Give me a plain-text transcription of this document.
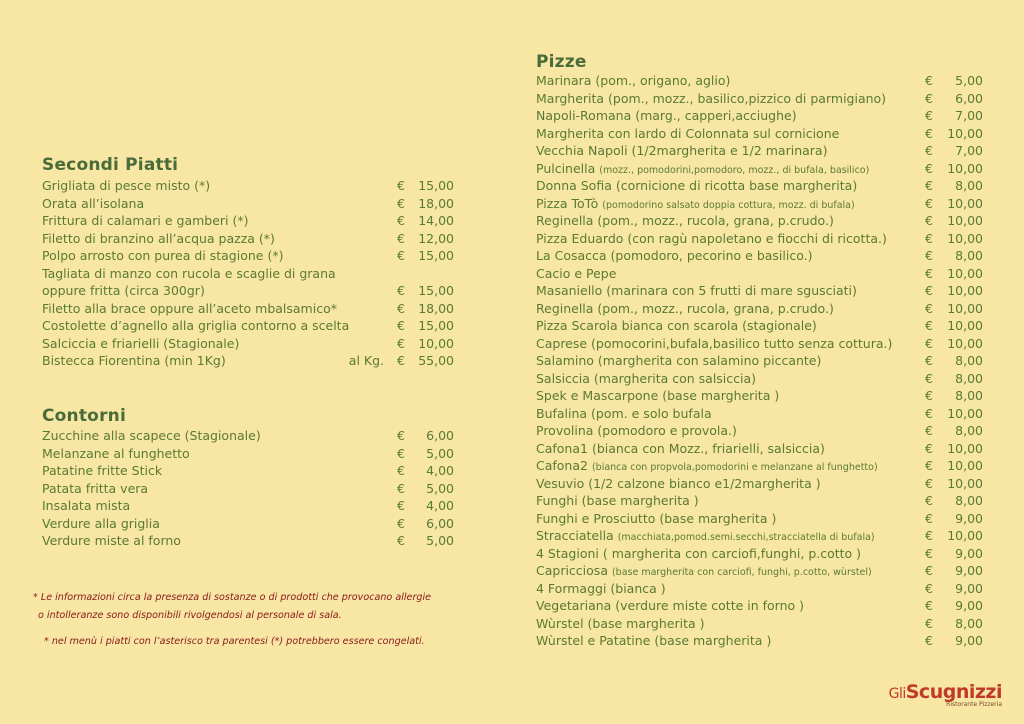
Secondi Piatti
Grigliata di pesce misto (*)	€ 15,00
Orata all’isolana	€ 18,00
Frittura di calamari e gamberi (*)	€ 14,00
Filetto di branzino all’acqua pazza (*)	€ 12,00
Polpo arrosto con purea di stagione (*)	€ 15,00
Tagliata di manzo con rucola e scaglie di grana
oppure fritta (circa 300gr)	€ 15,00
Filetto alla brace oppure all’aceto mbalsamico*	€ 18,00
Costolette d’agnello alla griglia contorno a scelta	€ 15,00
Salciccia e friarielli (Stagionale)	€ 10,00
Bistecca Fiorentina (min 1Kg)	al Kg. € 55,00
Contorni
Zucchine alla scapece (Stagionale)	€ 6,00
Melanzane al funghetto	€ 5,00
Patatine fritte Stick	€ 4,00
Patata fritta vera	€ 5,00
Insalata mista	€ 4,00
Verdure alla griglia	€ 6,00
Verdure miste al forno	€ 5,00
* Le informazioni circa la presenza di sostanze o di prodotti che provocano allergie
o intolleranze sono disponibili rivolgendosi al personale di sala.
* nel menù i piatti con l’asterisco tra parentesi (*) potrebbero essere congelati.
Pizze
Marinara (pom., origano, aglio)	€ 5,00
Margherita (pom., mozz., basilico,pizzico di parmigiano)	€ 6,00
Napoli-Romana (marg., capperi,acciughe)	€ 7,00
Margherita con lardo di Colonnata sul cornicione	€ 10,00
Vecchia Napoli (1/2margherita e 1/2 marinara)	€ 7,00
Pulcinella (mozz., pomodorini,pomodoro, mozz., di bufala, basilico)	€ 10,00
Donna Sofia (cornicione di ricotta base margherita)	€ 8,00
Pizza ToTò (pomodorino salsato doppia cottura, mozz. di bufala)	€ 10,00
Reginella (pom., mozz., rucola, grana, p.crudo.)	€ 10,00
Pizza Eduardo (con ragù napoletano e fiocchi di ricotta.)	€ 10,00
La Cosacca (pomodoro, pecorino e basilico.)	€ 8,00
Cacio e Pepe	€ 10,00
Masaniello (marinara con 5 frutti di mare sgusciati)	€ 10,00
Reginella (pom., mozz., rucola, grana, p.crudo.)	€ 10,00
Pizza Scarola bianca con scarola (stagionale)	€ 10,00
Caprese (pomocorini,bufala,basilico tutto senza cottura.)	€ 10,00
Salamino (margherita con salamino piccante)	€ 8,00
Salsiccia (margherita con salsiccia)	€ 8,00
Spek e Mascarpone (base margherita )	€ 8,00
Bufalina (pom. e solo bufala	€ 10,00
Provolina (pomodoro e provola.)	€ 8,00
Cafona1 (bianca con Mozz., friarielli, salsiccia)	€ 10,00
Cafona2 (bianca con propvola,pomodorini e melanzane al funghetto)	€ 10,00
Vesuvio (1/2 calzone bianco e1/2margherita )	€ 10,00
Funghi (base margherita )	€ 8,00
Funghi e Prosciutto (base margherita )	€ 9,00
Stracciatella (macchiata,pomod.semi.secchi,stracciatella di bufala)	€ 10,00
4 Stagioni ( margherita con carciofi,funghi, p.cotto )	€ 9,00
Capricciosa (base margherita con carciofi, funghi, p.cotto, wùrstel)	€ 9,00
4 Formaggi (bianca )	€ 9,00
Vegetariana (verdure miste cotte in forno )	€ 9,00
Wùrstel (base margherita )	€ 8,00
Wùrstel e Patatine (base margherita )	€ 9,00
GliScugnizzi
Ristorante Pizzeria
